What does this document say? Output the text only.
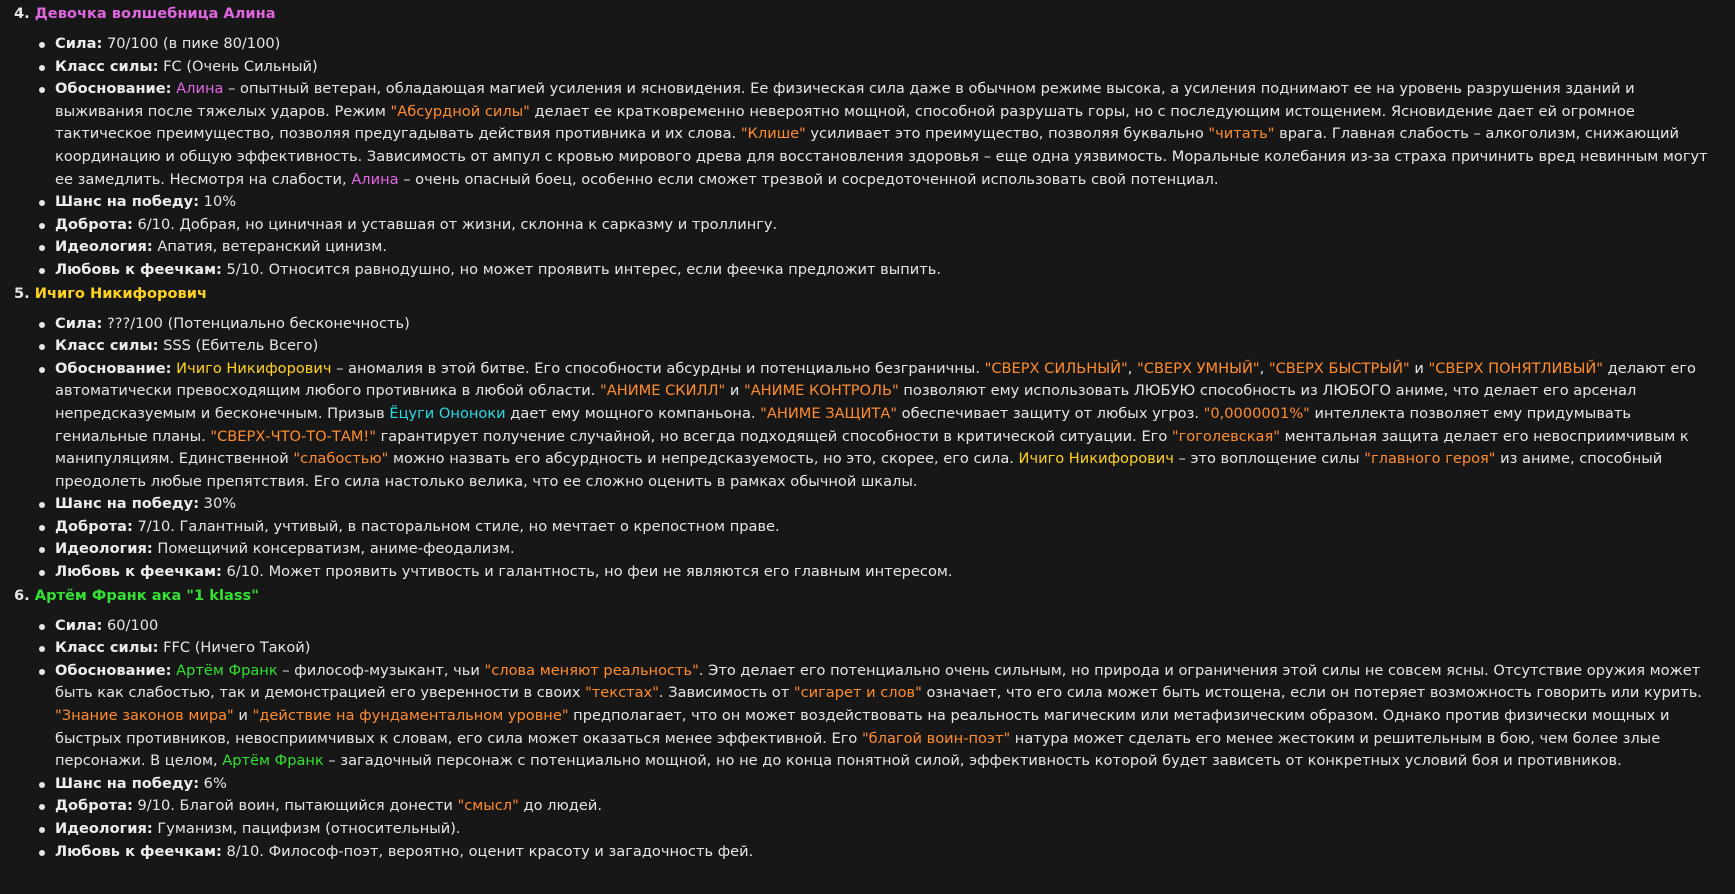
4. Девочка волшебница Алина
Сила: 70/100 (в пике 80/100)
Класс силы: FC (Очень Сильный)
Обоснование: Алина – опытный ветеран, обладающая магией усиления и ясновидения. Ее физическая сила даже в обычном режиме высока, а усиления поднимают ее на уровень разрушения зданий и выживания после тяжелых ударов. Режим "Абсурдной силы" делает ее кратковременно невероятно мощной, способной разрушать горы, но с последующим истощением. Ясновидение дает ей огромное тактическое преимущество, позволяя предугадывать действия противника и их слова. "Клише" усиливает это преимущество, позволяя буквально "читать" врага. Главная слабость – алкоголизм, снижающий координацию и общую эффективность. Зависимость от ампул с кровью мирового древа для восстановления здоровья – еще одна уязвимость. Моральные колебания из-за страха причинить вред невинным могут ее замедлить. Несмотря на слабости, Алина – очень опасный боец, особенно если сможет трезвой и сосредоточенной использовать свой потенциал.
Шанс на победу: 10%
Доброта: 6/10. Добрая, но циничная и уставшая от жизни, склонна к сарказму и троллингу.
Идеология: Апатия, ветеранский цинизм.
Любовь к феечкам: 5/10. Относится равнодушно, но может проявить интерес, если феечка предложит выпить.
5. Ичиго Никифорович
Сила: ???/100 (Потенциально бесконечность)
Класс силы: SSS (Ебитель Всего)
Обоснование: Ичиго Никифорович – аномалия в этой битве. Его способности абсурдны и потенциально безграничны. "СВЕРХ СИЛЬНЫЙ", "СВЕРХ УМНЫЙ", "СВЕРХ БЫСТРЫЙ" и "СВЕРХ ПОНЯТЛИВЫЙ" делают его автоматически превосходящим любого противника в любой области. "АНИМЕ СКИЛЛ" и "АНИМЕ КОНТРОЛЬ" позволяют ему использовать ЛЮБУЮ способность из ЛЮБОГО аниме, что делает его арсенал непредсказуемым и бесконечным. Призыв Ёцуги Ононоки дает ему мощного компаньона. "АНИМЕ ЗАЩИТА" обеспечивает защиту от любых угроз. "0,0000001%" интеллекта позволяет ему придумывать гениальные планы. "СВЕРХ-ЧТО-ТО-ТАМ!" гарантирует получение случайной, но всегда подходящей способности в критической ситуации. Его "гоголевская" ментальная защита делает его невосприимчивым к манипуляциям. Единственной "слабостью" можно назвать его абсурдность и непредсказуемость, но это, скорее, его сила. Ичиго Никифорович – это воплощение силы "главного героя" из аниме, способный преодолеть любые препятствия. Его сила настолько велика, что ее сложно оценить в рамках обычной шкалы.
Шанс на победу: 30%
Доброта: 7/10. Галантный, учтивый, в пасторальном стиле, но мечтает о крепостном праве.
Идеология: Помещичий консерватизм, аниме-феодализм.
Любовь к феечкам: 6/10. Может проявить учтивость и галантность, но феи не являются его главным интересом.
6. Артём Франк ака "1 klass"
Сила: 60/100
Класс силы: FFC (Ничего Такой)
Обоснование: Артём Франк – философ-музыкант, чьи "слова меняют реальность". Это делает его потенциально очень сильным, но природа и ограничения этой силы не совсем ясны. Отсутствие оружия может быть как слабостью, так и демонстрацией его уверенности в своих "текстах". Зависимость от "сигарет и слов" означает, что его сила может быть истощена, если он потеряет возможность говорить или курить. "Знание законов мира" и "действие на фундаментальном уровне" предполагает, что он может воздействовать на реальность магическим или метафизическим образом. Однако против физически мощных и быстрых противников, невосприимчивых к словам, его сила может оказаться менее эффективной. Его "благой воин-поэт" натура может сделать его менее жестоким и решительным в бою, чем более злые персонажи. В целом, Артём Франк – загадочный персонаж с потенциально мощной, но не до конца понятной силой, эффективность которой будет зависеть от конкретных условий боя и противников.
Шанс на победу: 6%
Доброта: 9/10. Благой воин, пытающийся донести "смысл" до людей.
Идеология: Гуманизм, пацифизм (относительный).
Любовь к феечкам: 8/10. Философ-поэт, вероятно, оценит красоту и загадочность фей.
